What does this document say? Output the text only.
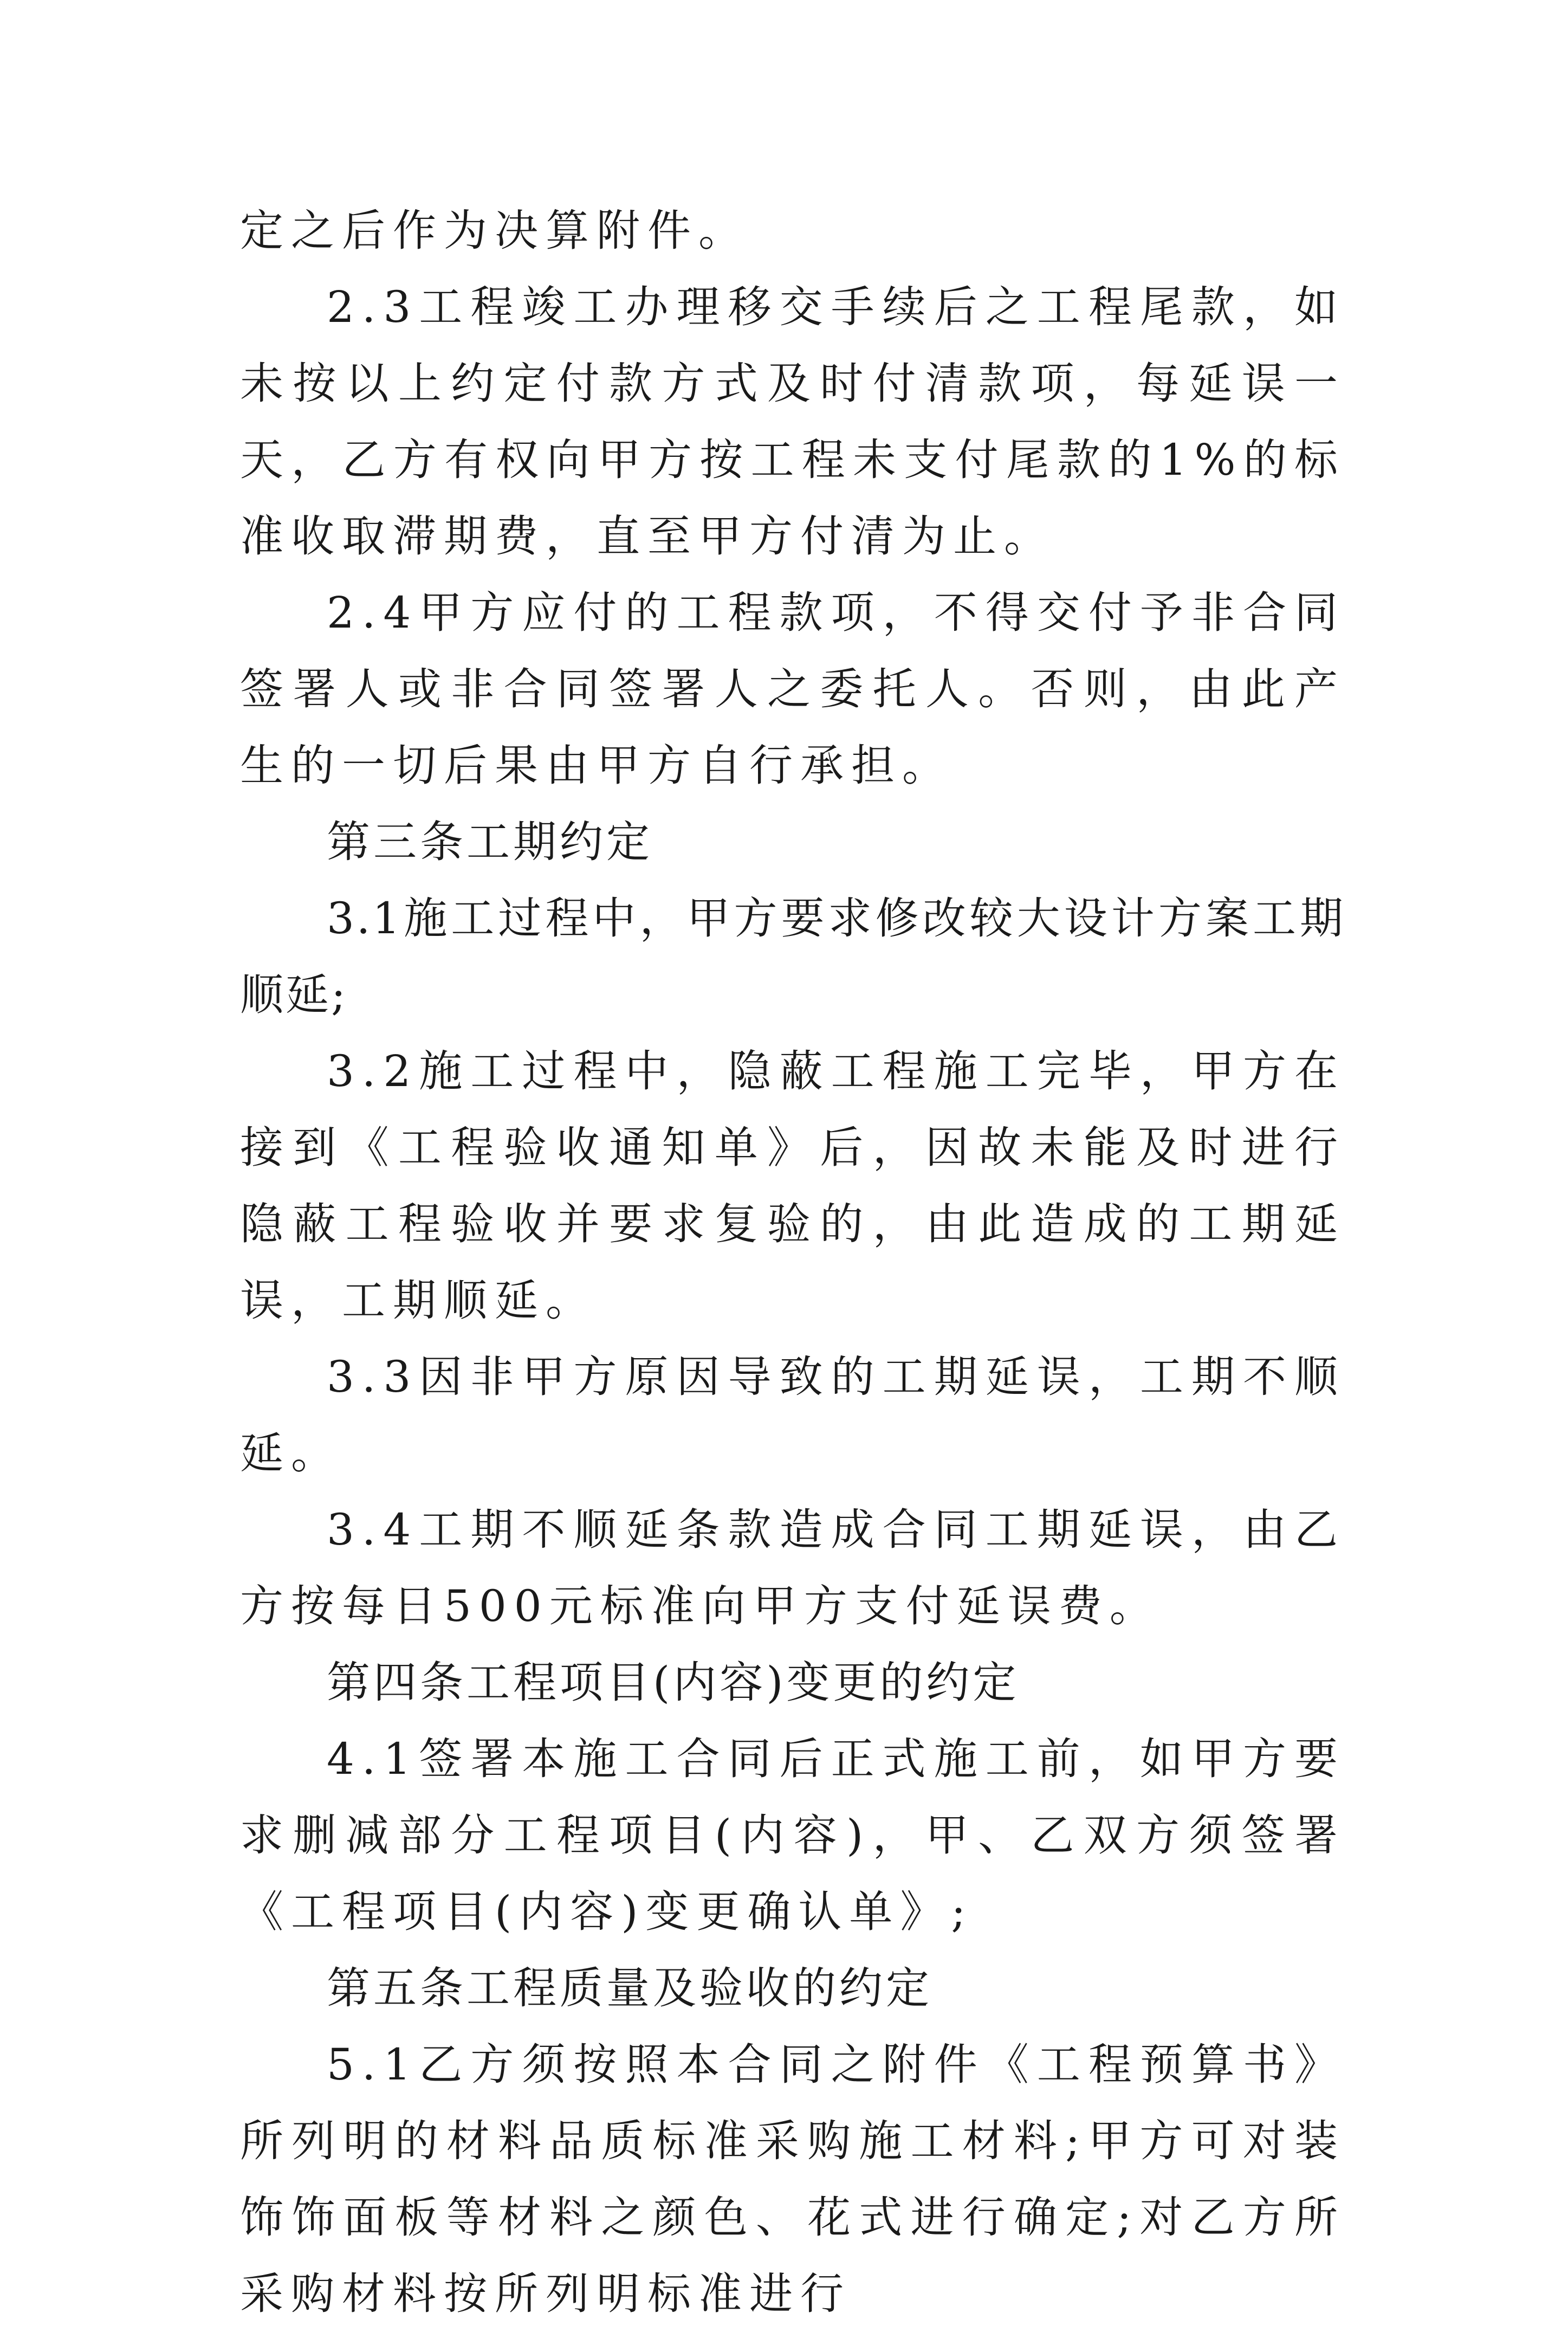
定之后作为决算附件。

2.3工程竣工办理移交手续后之工程尾款，如未按以上约定付款方式及时付清款项，每延误一天，乙方有权向甲方按工程未支付尾款的1%的标准收取滞期费，直至甲方付清为止。

2.4甲方应付的工程款项，不得交付予非合同签署人或非合同签署人之委托人。否则，由此产生的一切后果由甲方自行承担。

第三条工期约定

3.1施工过程中，甲方要求修改较大设计方案工期顺延;

3.2施工过程中，隐蔽工程施工完毕，甲方在接到《工程验收通知单》后，因故未能及时进行隐蔽工程验收并要求复验的，由此造成的工期延误，工期顺延。

3.3因非甲方原因导致的工期延误，工期不顺延。

3.4工期不顺延条款造成合同工期延误，由乙方按每日500元标准向甲方支付延误费。

第四条工程项目(内容)变更的约定

4.1签署本施工合同后正式施工前，如甲方要求删减部分工程项目(内容)，甲、乙双方须签署《工程项目(内容)变更确认单》;

第五条工程质量及验收的约定

5.1乙方须按照本合同之附件《工程预算书》所列明的材料品质标准采购施工材料;甲方可对装饰饰面板等材料之颜色、花式进行确定;对乙方所采购材料按所列明标准进行
